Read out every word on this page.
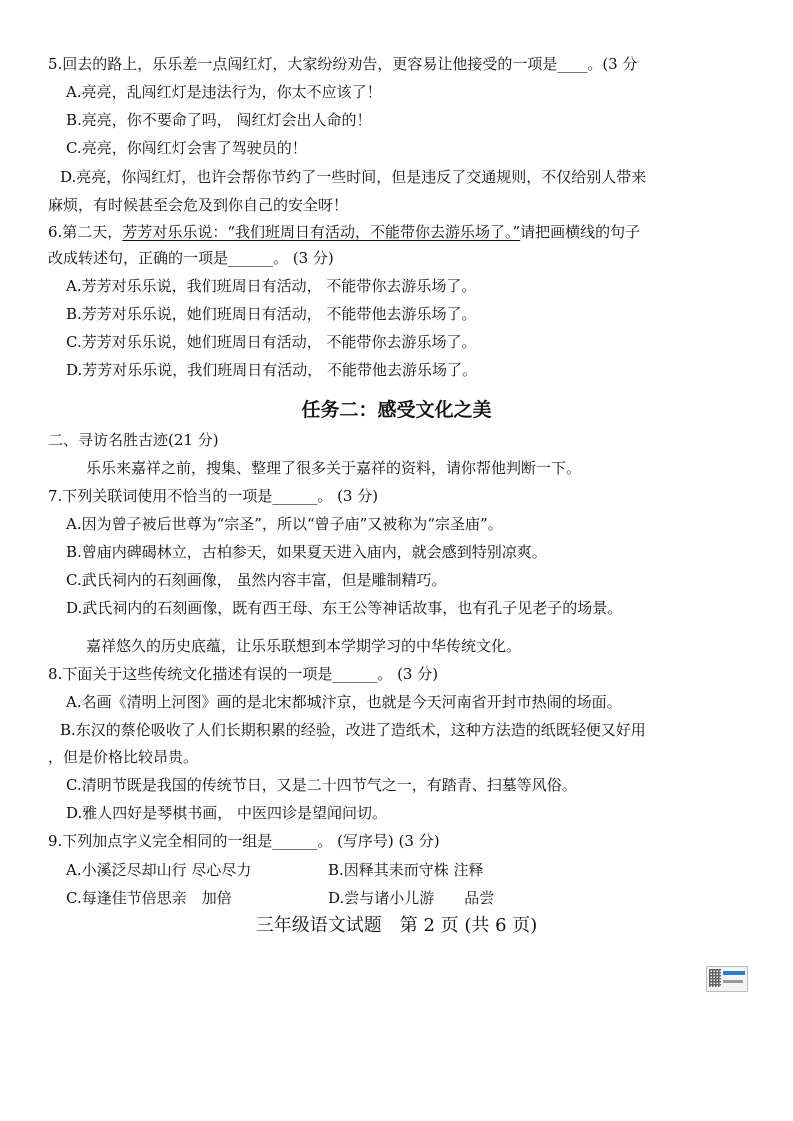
5.回去的路上，乐乐差一点闯红灯，大家纷纷劝告，更容易让他接受的一项是____。(3 分
A.亮亮，乱闯红灯是违法行为，你太不应该了！
B.亮亮，你不要命了吗， 闯红灯会出人命的！
C.亮亮，你闯红灯会害了驾驶员的！
D.亮亮，你闯红灯，也许会帮你节约了一些时间，但是违反了交通规则，不仅给别人带来
麻烦，有时候甚至会危及到你自己的安全呀！
6.第二天，芳芳对乐乐说：“我们班周日有活动，不能带你去游乐场了。”请把画横线的句子
改成转述句，正确的一项是______。 (3 分)
A.芳芳对乐乐说，我们班周日有活动， 不能带你去游乐场了。
B.芳芳对乐乐说，她们班周日有活动， 不能带他去游乐场了。
C.芳芳对乐乐说，她们班周日有活动， 不能带你去游乐场了。
D.芳芳对乐乐说，我们班周日有活动， 不能带他去游乐场了。
任务二：感受文化之美
二、寻访名胜古迹(21 分)
乐乐来嘉祥之前，搜集、整理了很多关于嘉祥的资料，请你帮他判断一下。
7.下列关联词使用不恰当的一项是______。 (3 分)
A.因为曾子被后世尊为“宗圣”，所以“曾子庙”又被称为“宗圣庙”。
B.曾庙内碑碣林立，古柏参天，如果夏天进入庙内，就会感到特别凉爽。
C.武氏祠内的石刻画像， 虽然内容丰富，但是雕制精巧。
D.武氏祠内的石刻画像，既有西王母、东王公等神话故事，也有孔子见老子的场景。
嘉祥悠久的历史底蕴，让乐乐联想到本学期学习的中华传统文化。
8.下面关于这些传统文化描述有误的一项是______。 (3 分)
A.名画《清明上河图》画的是北宋都城汴京，也就是今天河南省开封市热闹的场面。
B.东汉的蔡伦吸收了人们长期积累的经验，改进了造纸术，这种方法造的纸既轻便又好用
，但是价格比较昂贵。
C.清明节既是我国的传统节日，又是二十四节气之一，有踏青、扫墓等风俗。
D.雅人四好是琴棋书画， 中医四诊是望闻问切。
9.下列加点字义完全相同的一组是______。 (写序号) (3 分)
A.小溪泛尽却山行 尽心尽力	B.因释其耒而守株 注释
C.每逢佳节倍思亲　加倍	D.尝与诸小儿游　　品尝
三年级语文试题　第 2 页 (共 6 页)
